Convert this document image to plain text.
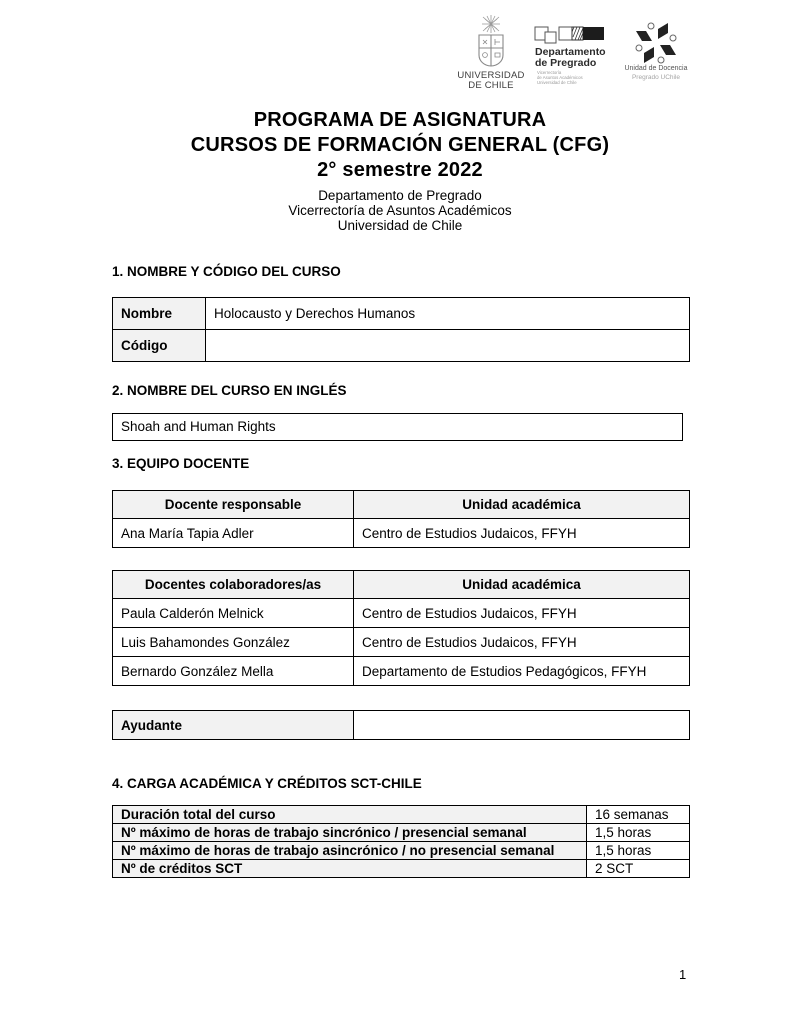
UNIVERSIDAD
DE CHILE
Departamento
de Pregrado
Vicerrectoría
de Asuntos Académicos
Universidad de Chile
Unidad de Docencia
Pregrado UChile
PROGRAMA DE ASIGNATURA
CURSOS DE FORMACIÓN GENERAL (CFG)
2° semestre 2022
Departamento de Pregrado
Vicerrectoría de Asuntos Académicos
Universidad de Chile
1. NOMBRE Y CÓDIGO DEL CURSO
Nombre	Holocausto y Derechos Humanos
Código	
2. NOMBRE DEL CURSO EN INGLÉS
Shoah and Human Rights
3. EQUIPO DOCENTE
Docente responsable	Unidad académica
Ana María Tapia Adler	Centro de Estudios Judaicos, FFYH
Docentes colaboradores/as	Unidad académica
Paula Calderón Melnick	Centro de Estudios Judaicos, FFYH
Luis Bahamondes González	Centro de Estudios Judaicos, FFYH
Bernardo González Mella	Departamento de Estudios Pedagógicos, FFYH
Ayudante	
4. CARGA ACADÉMICA Y CRÉDITOS SCT-CHILE
Duración total del curso	16 semanas
Nº máximo de horas de trabajo sincrónico / presencial semanal	1,5 horas
Nº máximo de horas de trabajo asincrónico / no presencial semanal	1,5 horas
Nº de créditos SCT	2 SCT
1
